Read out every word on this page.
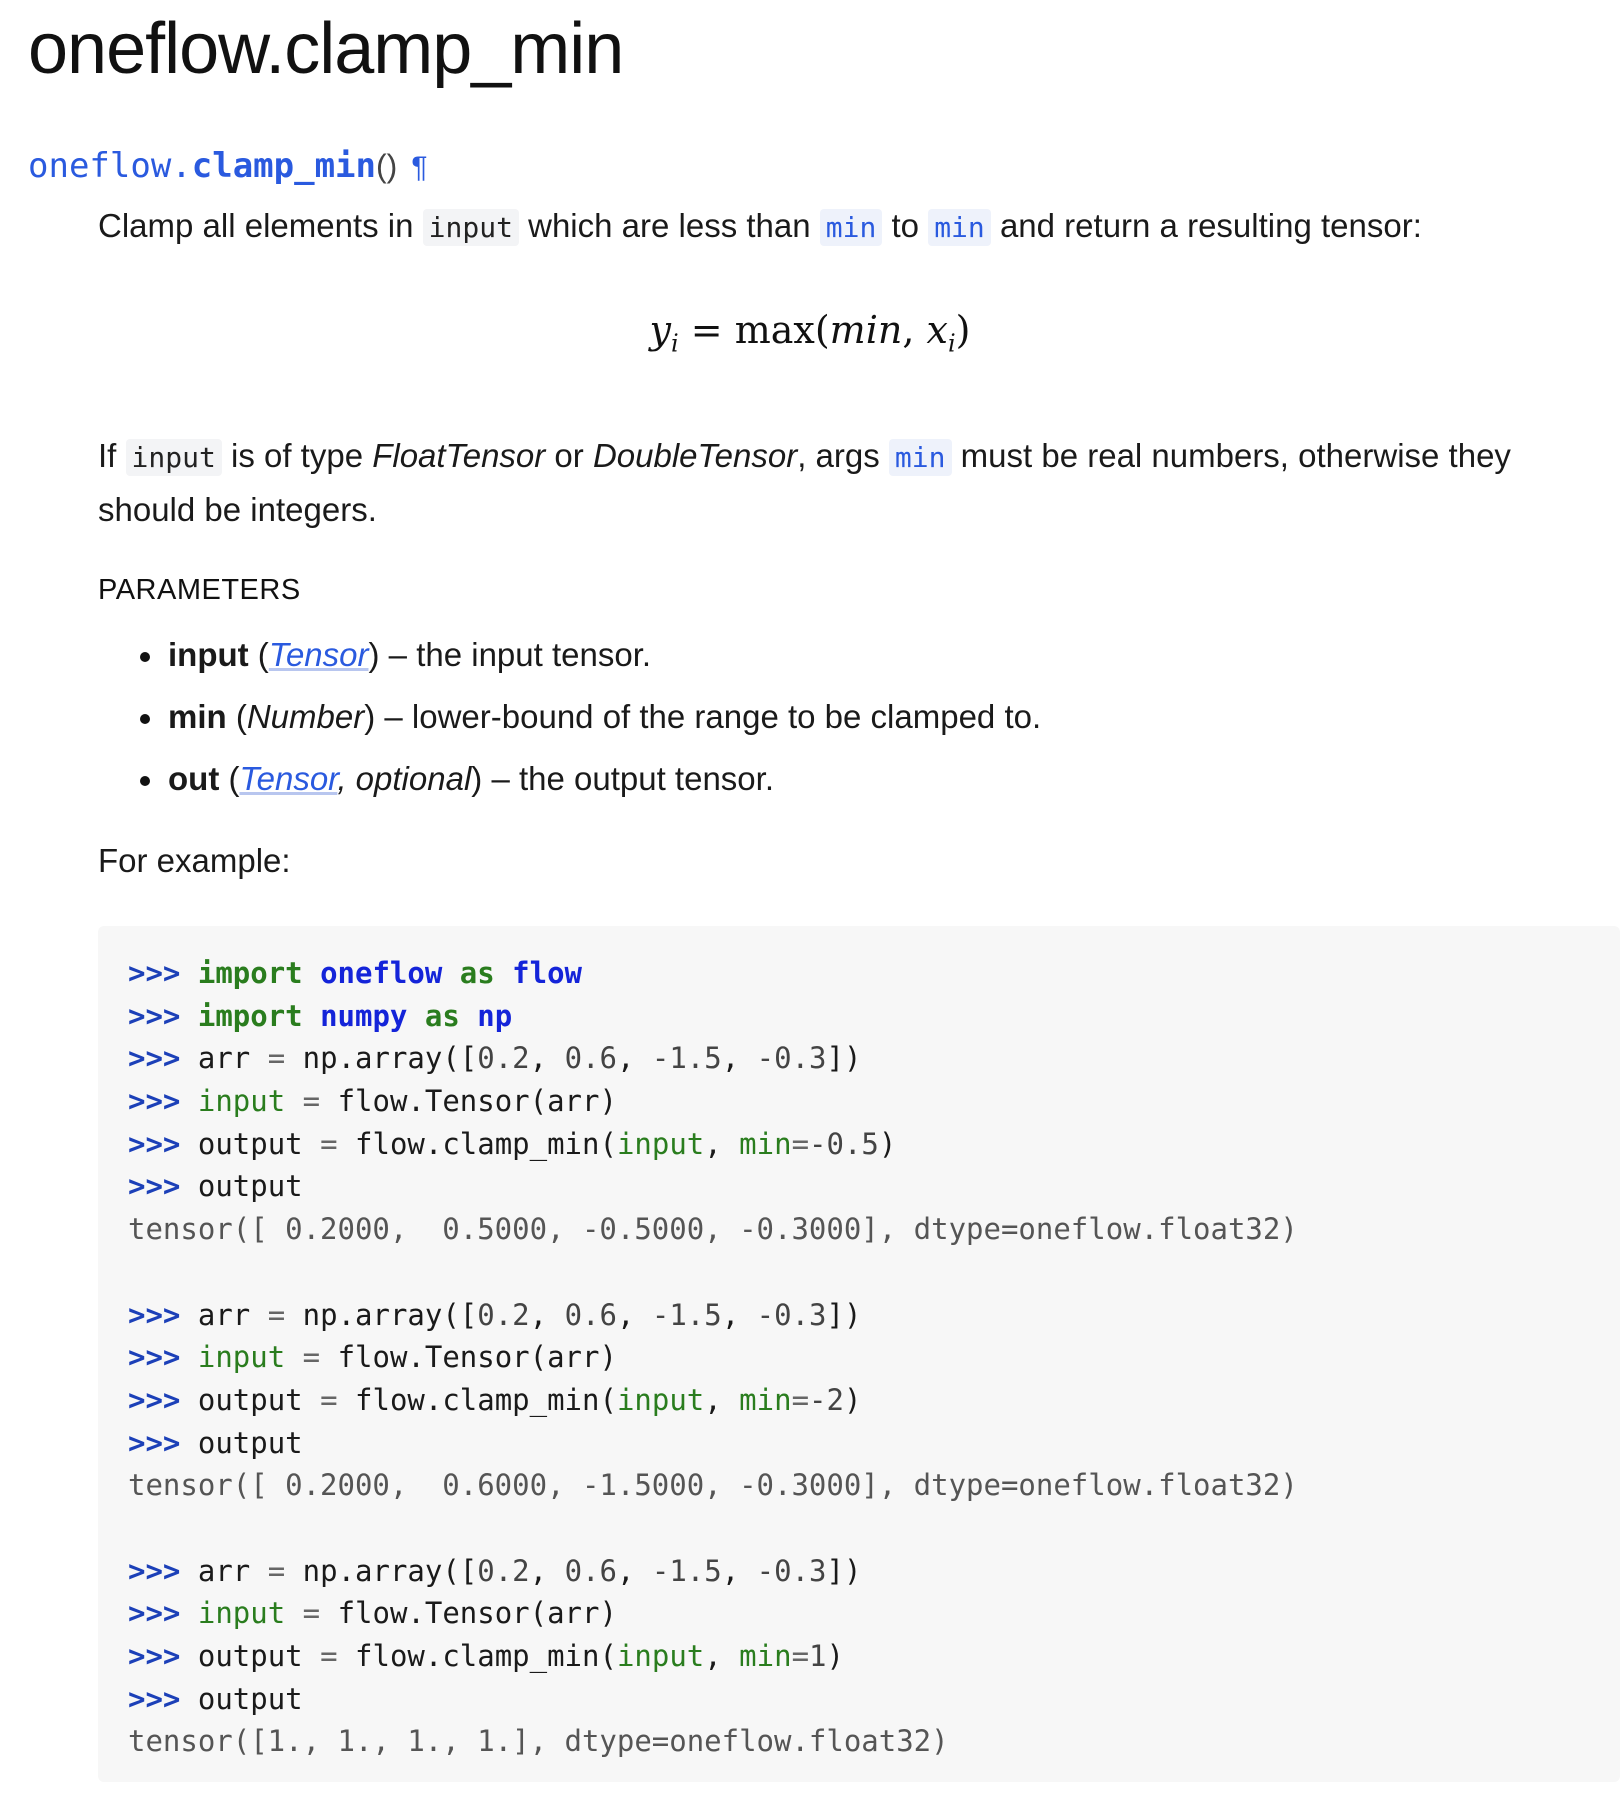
oneflow.clamp_min
oneflow.clamp_min() ¶
Clamp all elements in input which are less than min to min and return a resulting tensor:
$y_i = \max(\min$, $x_i$)
If input is of type FloatTensor or DoubleTensor, args min must be real numbers, otherwise they should be integers.
PARAMETERS
input (Tensor) – the input tensor.
min (Number) – lower-bound of the range to be clamped to.
out (Tensor, optional) – the output tensor.
For example:
>>> import oneflow as flow
>>> import numpy as np
>>> arr = np.array([0.2, 0.6, -1.5, -0.3])
>>> input = flow.Tensor(arr)
>>> output = flow.clamp_min(input, min=-0.5)
>>> output
tensor([ 0.2000,  0.5000, -0.5000, -0.3000], dtype=oneflow.float32)
>>> arr = np.array([0.2, 0.6, -1.5, -0.3])
>>> input = flow.Tensor(arr)
>>> output = flow.clamp_min(input, min=-2)
>>> output
tensor([ 0.2000,  0.6000, -1.5000, -0.3000], dtype=oneflow.float32)
>>> arr = np.array([0.2, 0.6, -1.5, -0.3])
>>> input = flow.Tensor(arr)
>>> output = flow.clamp_min(input, min=1)
>>> output
tensor([1., 1., 1., 1.], dtype=oneflow.float32)
